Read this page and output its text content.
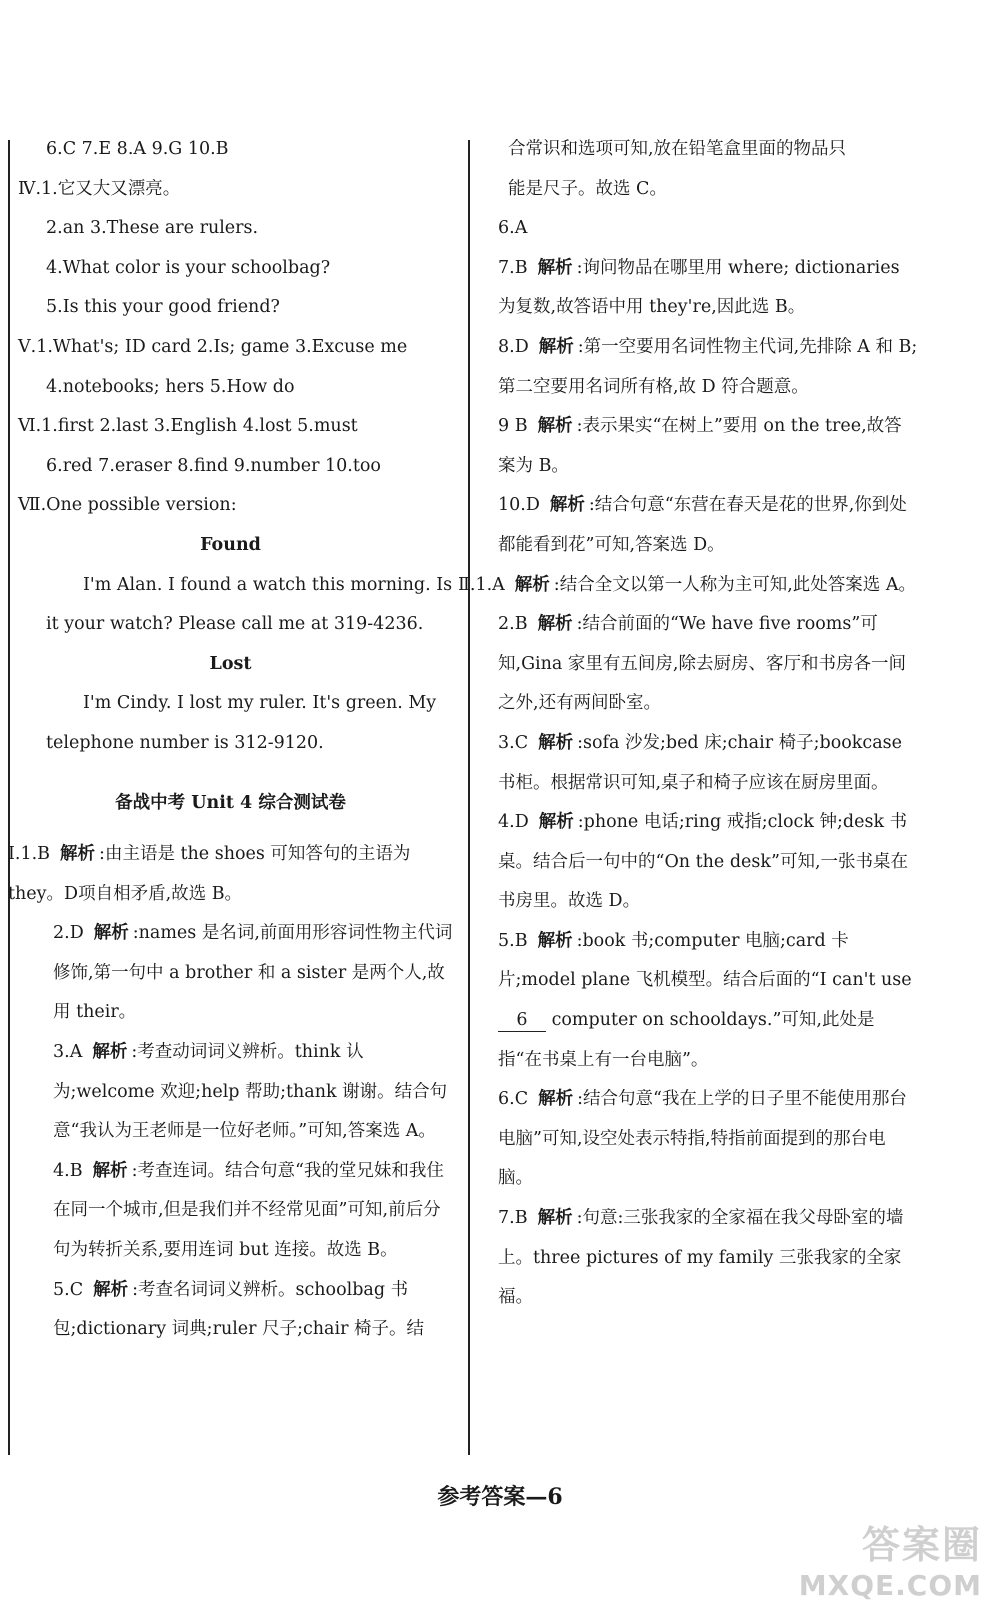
6.C 7.E 8.A 9.G 10.B
Ⅳ.1.它又大又漂亮。
2.an 3.These are rulers.
4.What color is your schoolbag?
5.Is this your good friend?
Ⅴ.1.What's; ID card 2.Is; game 3.Excuse me
4.notebooks; hers 5.How do
Ⅵ.1.first 2.last 3.English 4.lost 5.must
6.red 7.eraser 8.find 9.number 10.too
Ⅶ.One possible version:
Found
I'm Alan. I found a watch this morning. Is
it your watch? Please call me at 319-4236.
Lost
I'm Cindy. I lost my ruler. It's green. My
telephone number is 312-9120.
备战中考 Unit 4 综合测试卷
Ⅰ.1.B 解析 :由主语是 the shoes 可知答句的主语为 they。D项自相矛盾,故选 B。
2.D 解析 :names 是名词,前面用形容词性物主代词修饰,第一句中 a brother 和 a sister 是两个人,故用 their。
3.A 解析 :考查动词词义辨析。think 认为;welcome 欢迎;help 帮助;thank 谢谢。结合句意“我认为王老师是一位好老师。”可知,答案选 A。
4.B 解析 :考查连词。结合句意“我的堂兄妹和我住在同一个城市,但是我们并不经常见面”可知,前后分句为转折关系,要用连词 but 连接。故选 B。
5.C 解析 :考查名词词义辨析。schoolbag 书包;dictionary 词典;ruler 尺子;chair 椅子。结
合常识和选项可知,放在铅笔盒里面的物品只
能是尺子。故选 C。
6.A
7.B 解析 :询问物品在哪里用 where; dictionaries 为复数,故答语中用 they're,因此选 B。
8.D 解析 :第一空要用名词性物主代词,先排除 A 和 B;第二空要用名词所有格,故 D 符合题意。
9 B 解析 :表示果实“在树上”要用 on the tree,故答案为 B。
10.D 解析 :结合句意“东营在春天是花的世界,你到处都能看到花”可知,答案选 D。
Ⅱ.1.A 解析 :结合全文以第一人称为主可知,此处答案选 A。
2.B 解析 :结合前面的“We have five rooms”可知,Gina 家里有五间房,除去厨房、客厅和书房各一间之外,还有两间卧室。
3.C 解析 :sofa 沙发;bed 床;chair 椅子;bookcase 书柜。根据常识可知,桌子和椅子应该在厨房里面。
4.D 解析 :phone 电话;ring 戒指;clock 钟;desk 书桌。结合后一句中的“On the desk”可知,一张书桌在书房里。故选 D。
5.B 解析 :book 书;computer 电脑;card 卡片;model plane 飞机模型。结合后面的“I can't use 6 computer on schooldays.”可知,此处是指“在书桌上有一台电脑”。
6.C 解析 :结合句意“我在上学的日子里不能使用那台电脑”可知,设空处表示特指,特指前面提到的那台电脑。
7.B 解析 :句意:三张我家的全家福在我父母卧室的墙上。three pictures of my family 三张我家的全家福。
参考答案—6
答案圈
MXQE.COM
